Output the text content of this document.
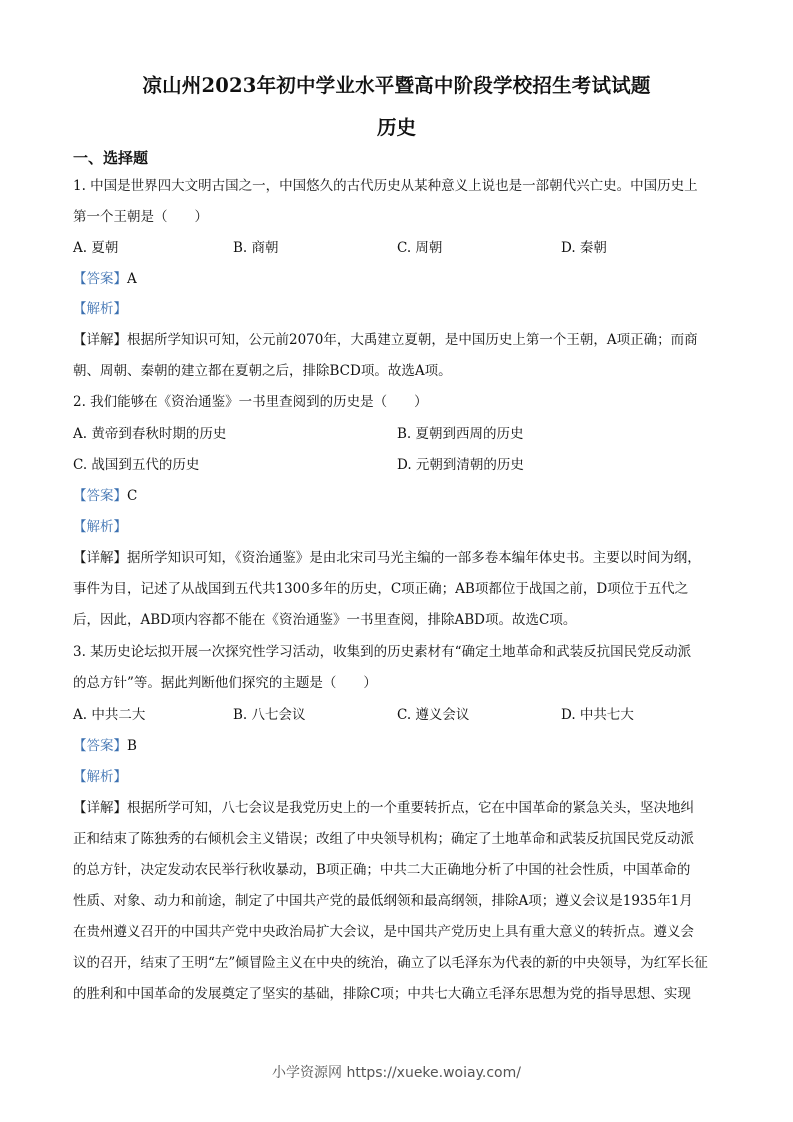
凉山州2023年初中学业水平暨高中阶段学校招生考试试题
历史
一、选择题
1. 中国是世界四大文明古国之一，中国悠久的古代历史从某种意义上说也是一部朝代兴亡史。中国历史上
第一个王朝是（　　）
A. 夏朝	B. 商朝	C. 周朝	D. 秦朝
【答案】A
【解析】
【详解】根据所学知识可知，公元前2070年，大禹建立夏朝，是中国历史上第一个王朝，A项正确；而商
朝、周朝、秦朝的建立都在夏朝之后，排除BCD项。故选A项。
2. 我们能够在《资治通鉴》一书里查阅到的历史是（　　）
A. 黄帝到春秋时期的历史	B. 夏朝到西周的历史
C. 战国到五代的历史	D. 元朝到清朝的历史
【答案】C
【解析】
【详解】据所学知识可知，《资治通鉴》是由北宋司马光主编的一部多卷本编年体史书。主要以时间为纲，
事件为目，记述了从战国到五代共1300多年的历史，C项正确；AB项都位于战国之前，D项位于五代之
后，因此，ABD项内容都不能在《资治通鉴》一书里查阅，排除ABD项。故选C项。
3. 某历史论坛拟开展一次探究性学习活动，收集到的历史素材有“确定土地革命和武装反抗国民党反动派
的总方针”等。据此判断他们探究的主题是（　　）
A. 中共二大	B. 八七会议	C. 遵义会议	D. 中共七大
【答案】B
【解析】
【详解】根据所学可知，八七会议是我党历史上的一个重要转折点，它在中国革命的紧急关头，坚决地纠
正和结束了陈独秀的右倾机会主义错误；改组了中央领导机构；确定了土地革命和武装反抗国民党反动派
的总方针，决定发动农民举行秋收暴动，B项正确；中共二大正确地分析了中国的社会性质，中国革命的
性质、对象、动力和前途，制定了中国共产党的最低纲领和最高纲领，排除A项；遵义会议是1935年1月
在贵州遵义召开的中国共产党中央政治局扩大会议，是中国共产党历史上具有重大意义的转折点。遵义会
议的召开，结束了王明“左”倾冒险主义在中央的统治，确立了以毛泽东为代表的新的中央领导，为红军长征
的胜利和中国革命的发展奠定了坚实的基础，排除C项；中共七大确立毛泽东思想为党的指导思想、实现
小学资源网 https://xueke.woiay.com/
